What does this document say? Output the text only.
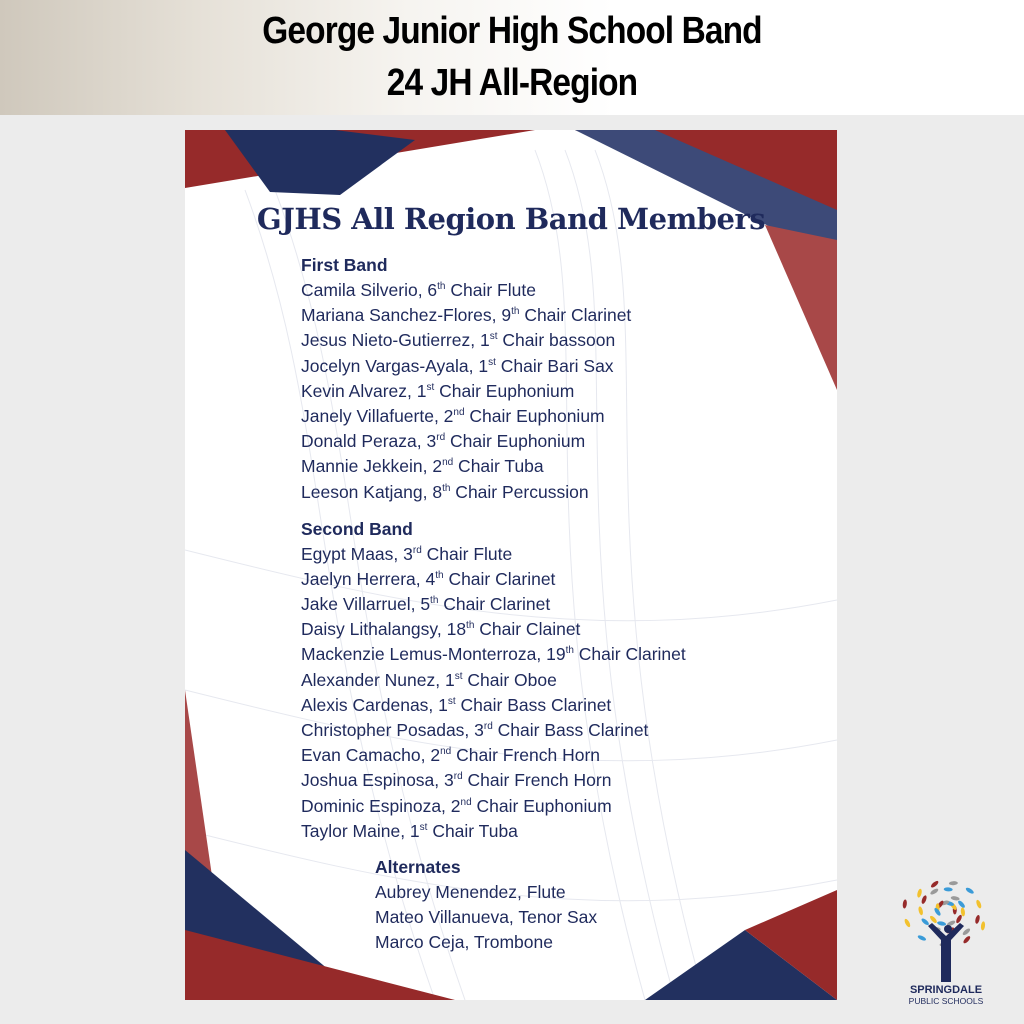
George Junior High School Band
24 JH All-Region
GJHS All Region Band Members
First Band
Camila Silverio, 6th Chair Flute
Mariana Sanchez-Flores, 9th Chair Clarinet
Jesus Nieto-Gutierrez, 1st Chair bassoon
Jocelyn Vargas-Ayala, 1st Chair Bari Sax
Kevin Alvarez, 1st Chair Euphonium
Janely Villafuerte, 2nd Chair Euphonium
Donald Peraza, 3rd Chair Euphonium
Mannie Jekkein, 2nd Chair Tuba
Leeson Katjang, 8th Chair Percussion
Second Band
Egypt Maas, 3rd Chair Flute
Jaelyn Herrera, 4th Chair Clarinet
Jake Villarruel, 5th Chair Clarinet
Daisy Lithalangsy, 18th Chair Clainet
Mackenzie Lemus-Monterroza, 19th Chair Clarinet
Alexander Nunez, 1st Chair Oboe
Alexis Cardenas, 1st Chair Bass Clarinet
Christopher Posadas, 3rd Chair Bass Clarinet
Evan Camacho, 2nd Chair French Horn
Joshua Espinosa, 3rd Chair French Horn
Dominic Espinoza, 2nd Chair Euphonium
Taylor Maine, 1st Chair Tuba
Alternates
Aubrey Menendez, Flute
Mateo Villanueva, Tenor Sax
Marco Ceja, Trombone
SPRINGDALE
PUBLIC SCHOOLS
